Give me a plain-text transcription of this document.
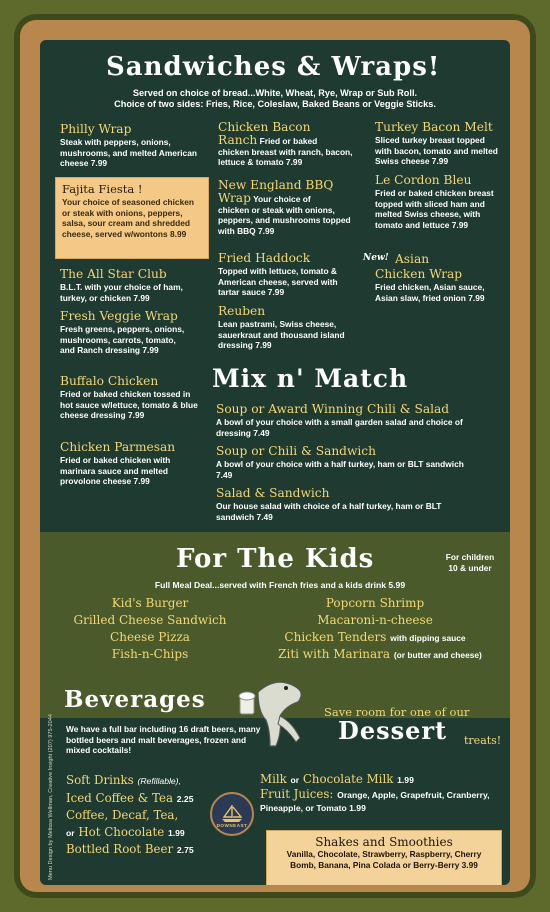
Sandwiches & Wraps!
Served on choice of bread...White, Wheat, Rye, Wrap or Sub Roll.
Choice of two sides: Fries, Rice, Coleslaw, Baked Beans or Veggie Sticks.
Philly Wrap
Steak with peppers, onions, mushrooms, and melted American cheese 7.99
Fajita Fiesta !
Your choice of seasoned chicken or steak with onions, peppers, salsa, sour cream and shredded cheese, served w/wontons 8.99
The All Star Club
B.L.T. with your choice of ham, turkey, or chicken 7.99
Fresh Veggie Wrap
Fresh greens, peppers, onions, mushrooms, carrots, tomato, and Ranch dressing 7.99
Buffalo Chicken
Fried or baked chicken tossed in hot sauce w/lettuce, tomato & blue cheese dressing 7.99
Chicken Parmesan
Fried or baked chicken with marinara sauce and melted provolone cheese 7.99
Chicken Bacon
Ranch Fried or baked
chicken breast with ranch, bacon, lettuce & tomato 7.99
New England BBQ
Wrap Your choice of
chicken or steak with onions, peppers, and mushrooms topped with BBQ 7.99
Fried Haddock
Topped with lettuce, tomato & American cheese, served with tartar sauce 7.99
Reuben
Lean pastrami, Swiss cheese, sauerkraut and thousand island dressing 7.99
Turkey Bacon Melt
Sliced turkey breast topped with bacon, tomato and melted Swiss cheese 7.99
Le Cordon Bleu
Fried or baked chicken breast topped with sliced ham and melted Swiss cheese, with tomato and lettuce 7.99
New! Asian
Chicken Wrap
Fried chicken, Asian sauce, Asian slaw, fried onion 7.99
Mix n' Match
Soup or Award Winning Chili & Salad
A bowl of your choice with a small garden salad and choice of dressing 7.49
Soup or Chili & Sandwich
A bowl of your choice with a half turkey, ham or BLT sandwich 7.49
Salad & Sandwich
Our house salad with choice of a half turkey, ham or BLT sandwich 7.49
For The Kids	For children 10 & under
Full Meal Deal...served with French fries and a kids drink 5.99
Kid's Burger
Grilled Cheese Sandwich
Cheese Pizza
Fish-n-Chips
Popcorn Shrimp
Macaroni-n-cheese
Chicken Tenders with dipping sauce
Ziti with Marinara (or butter and cheese)
Beverages
We have a full bar including 16 draft beers, many bottled beers and malt beverages, frozen and mixed cocktails!
Save room for one of our
Dessert treats!
Soft Drinks (Refillable),
Iced Coffee & Tea 2.25
Coffee, Decaf, Tea,
or Hot Chocolate 1.99
Bottled Root Beer 2.75
Milk or Chocolate Milk 1.99
Fruit Juices: Orange, Apple, Grapefruit, Cranberry, Pineapple, or Tomato 1.99
DOWNEAST
Shakes and Smoothies
Vanilla, Chocolate, Strawberry, Raspberry, Cherry Bomb, Banana, Pina Colada or Berry-Berry 3.99
Menu Design by Melissa Wellman, Creative Insight (207) 975-2044
